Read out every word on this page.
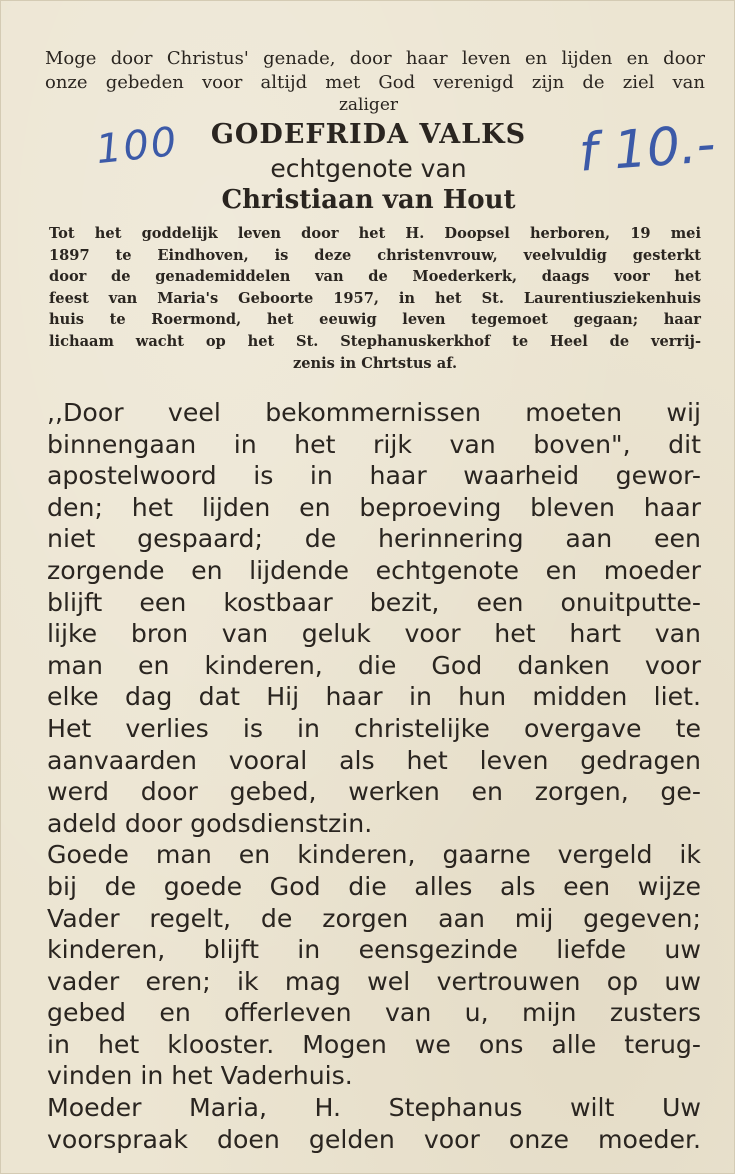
Moge door Christus' genade, door haar leven en lijden en door
onze gebeden voor altijd met God verenigd zijn de ziel van

zaliger

GODEFRIDA VALKS

echtgenote van

Christiaan van Hout

Tot het goddelijk leven door het H. Doopsel herboren, 19 mei
1897 te Eindhoven, is deze christenvrouw, veelvuldig gesterkt
door de genademiddelen van de Moederkerk, daags voor het
feest van Maria's Geboorte 1957, in het St. Laurentiusziekenhuis
huis te Roermond, het eeuwig leven tegemoet gegaan; haar
lichaam wacht op het St. Stephanuskerkhof te Heel de verrij-
zenis in Chrtstus af.

,,Door veel bekommernissen moeten wij
binnengaan in het rijk van boven", dit
apostelwoord is in haar waarheid gewor-
den; het lijden en beproeving bleven haar
niet gespaard; de herinnering aan een
zorgende en lijdende echtgenote en moeder
blijft een kostbaar bezit, een onuitputte-
lijke bron van geluk voor het hart van
man en kinderen, die God danken voor
elke dag dat Hij haar in hun midden liet.
Het verlies is in christelijke overgave te
aanvaarden vooral als het leven gedragen
werd door gebed, werken en zorgen, ge-
adeld door godsdienstzin.
Goede man en kinderen, gaarne vergeld ik
bij de goede God die alles als een wijze
Vader regelt, de zorgen aan mij gegeven;
kinderen, blijft in eensgezinde liefde uw
vader eren; ik mag wel vertrouwen op uw
gebed en offerleven van u, mijn zusters
in het klooster. Mogen we ons alle terug-
vinden in het Vaderhuis.
Moeder Maria, H. Stephanus wilt Uw
voorspraak doen gelden voor onze moeder.
100	f 10.-
